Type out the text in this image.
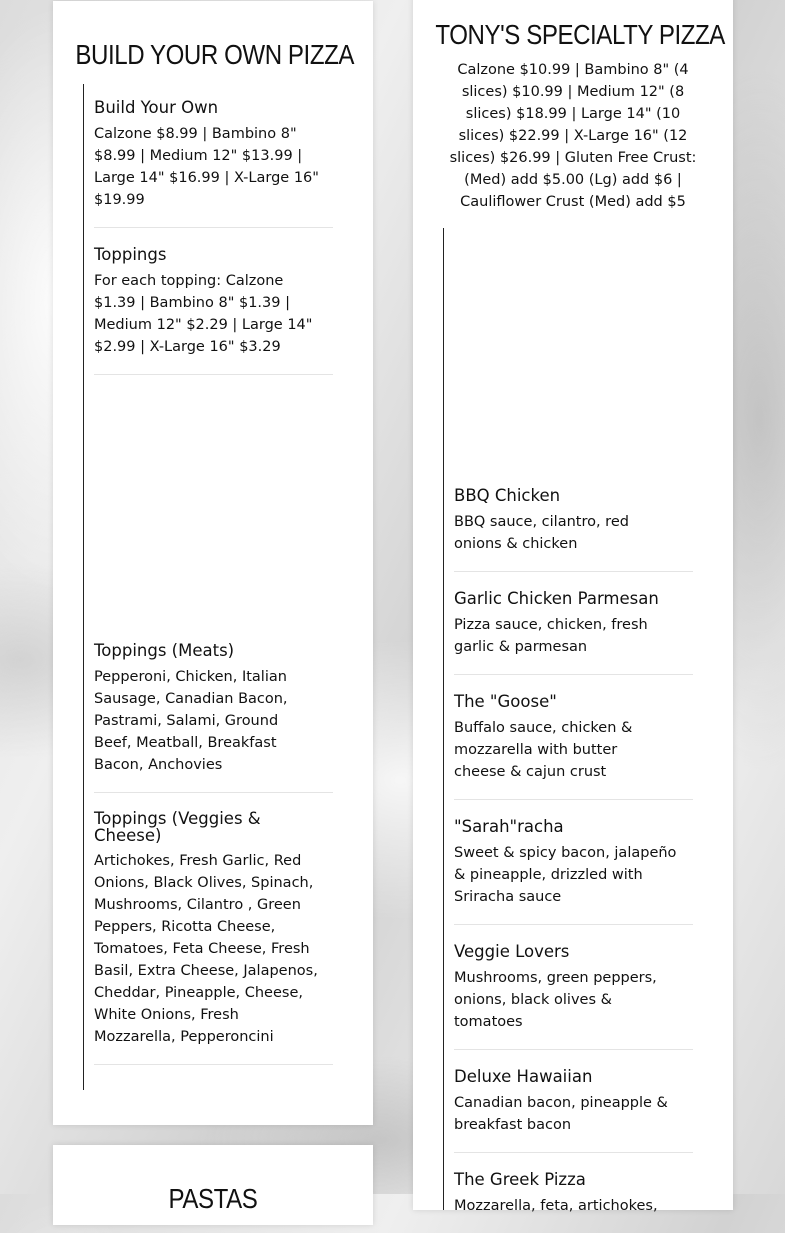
BUILD YOUR OWN PIZZA
Build Your Own
Calzone $8.99 | Bambino 8" $8.99 | Medium 12" $13.99 | Large 14" $16.99 | X-Large 16" $19.99
Toppings
For each topping: Calzone $1.39 | Bambino 8" $1.39 | Medium 12" $2.29 | Large 14" $2.99 | X-Large 16" $3.29
Toppings (Meats)
Pepperoni, Chicken, Italian Sausage, Canadian Bacon, Pastrami, Salami, Ground Beef, Meatball, Breakfast Bacon, Anchovies
Toppings (Veggies & Cheese)
Artichokes, Fresh Garlic, Red Onions, Black Olives, Spinach, Mushrooms, Cilantro , Green Peppers, Ricotta Cheese, Tomatoes, Feta Cheese, Fresh Basil, Extra Cheese, Jalapenos, Cheddar, Pineapple, Cheese, White Onions, Fresh Mozzarella, Pepperoncini
TONY'S SPECIALTY PIZZA
Calzone $10.99 | Bambino 8" (4 slices) $10.99 | Medium 12" (8 slices) $18.99 | Large 14" (10 slices) $22.99 | X-Large 16" (12 slices) $26.99 | Gluten Free Crust: (Med) add $5.00 (Lg) add $6 | Cauliflower Crust (Med) add $5
BBQ Chicken
BBQ sauce, cilantro, red onions & chicken
Garlic Chicken Parmesan
Pizza sauce, chicken, fresh garlic & parmesan
The "Goose"
Buffalo sauce, chicken & mozzarella with butter cheese & cajun crust
"Sarah"racha
Sweet & spicy bacon, jalapeño & pineapple, drizzled with Sriracha sauce
Veggie Lovers
Mushrooms, green peppers, onions, black olives & tomatoes
Deluxe Hawaiian
Canadian bacon, pineapple & breakfast bacon
The Greek Pizza
Mozzarella, feta, artichokes,
PASTAS
